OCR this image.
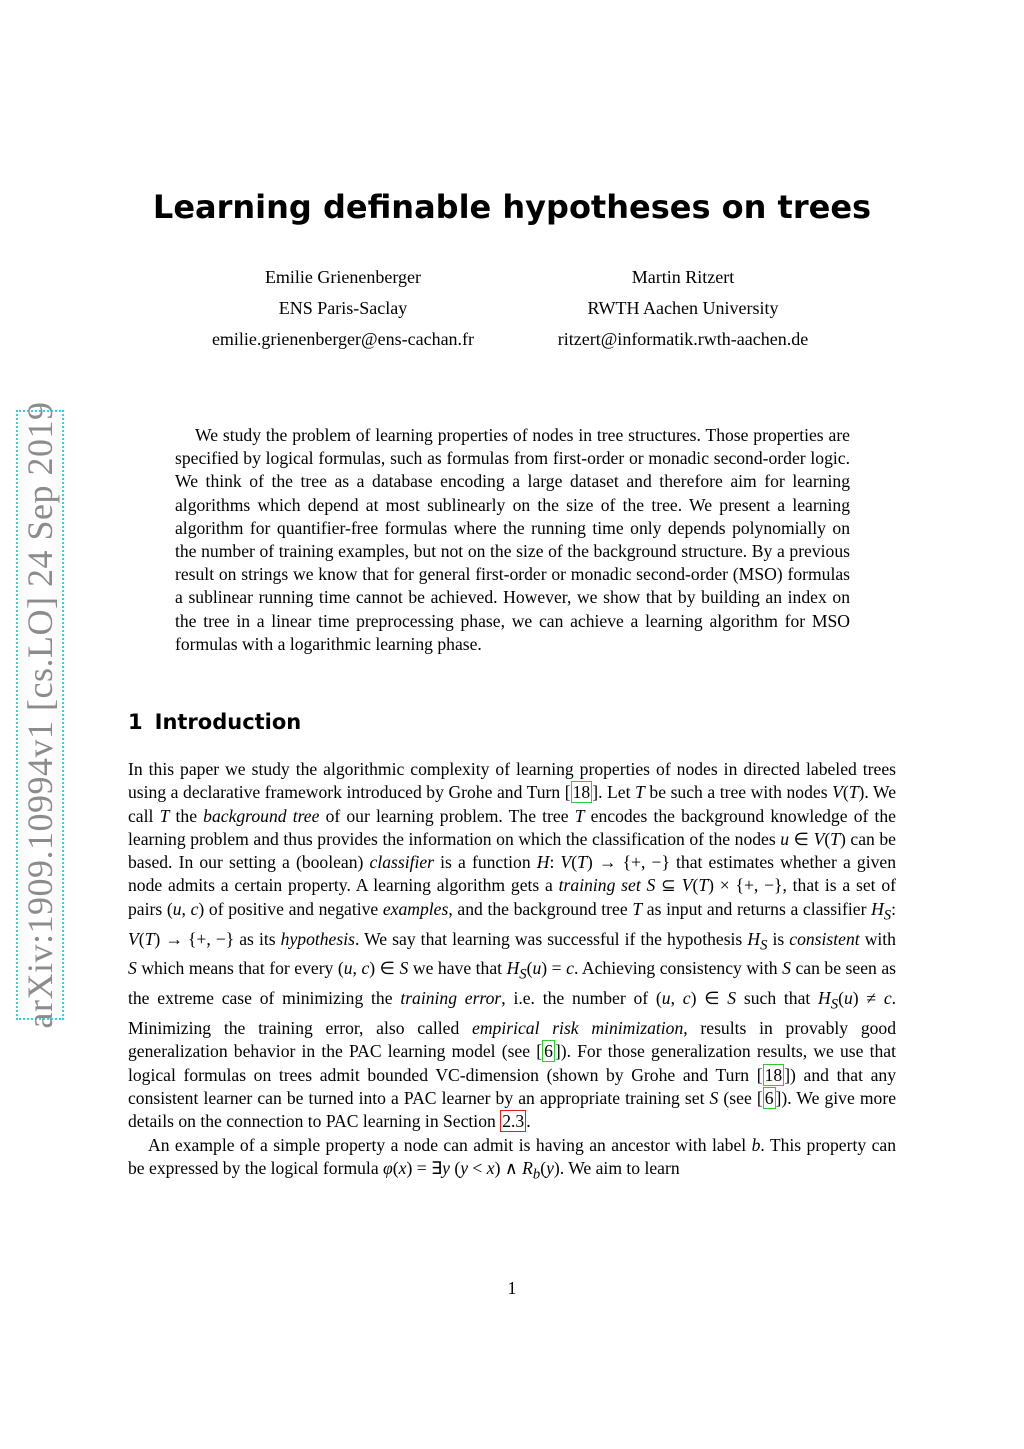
arXiv:1909.10994v1 [cs.LO] 24 Sep 2019
Learning definable hypotheses on trees
Emilie Grienenberger
ENS Paris-Saclay
emilie.grienenberger@ens-cachan.fr
Martin Ritzert
RWTH Aachen University
ritzert@informatik.rwth-aachen.de

We study the problem of learning properties of nodes in tree structures. Those properties are specified by logical formulas, such as formulas from first-order or monadic second-order logic. We think of the tree as a database encoding a large dataset and therefore aim for learning algorithms which depend at most sublinearly on the size of the tree. We present a learning algorithm for quantifier-free formulas where the running time only depends polynomially on the number of training examples, but not on the size of the background structure. By a previous result on strings we know that for general first-order or monadic second-order (MSO) formulas a sublinear running time cannot be achieved. However, we show that by building an index on the tree in a linear time preprocessing phase, we can achieve a learning algorithm for MSO formulas with a logarithmic learning phase.

1 Introduction

In this paper we study the algorithmic complexity of learning properties of nodes in directed labeled trees using a declarative framework introduced by Grohe and Turn [ 18 ]. Let T be such a tree with nodes V(T). We call T the background tree of our learning problem. The tree T encodes the background knowledge of the learning problem and thus provides the information on which the classification of the nodes u ∈ V(T) can be based. In our setting a (boolean) classifier is a function H: V(T) → {+, −} that estimates whether a given node admits a certain property. A learning algorithm gets a training set S ⊆ V(T) × {+, −}, that is a set of pairs (u, c) of positive and negative examples, and the background tree T as input and returns a classifier $H_S$: V(T) → {+, −} as its hypothesis. We say that learning was successful if the hypothesis $H_S$ is consistent with S which means that for every (u, c) ∈ S we have that $H_S(u) = c$. Achieving consistency with S can be seen as the extreme case of minimizing the training error, i.e. the number of (u, c) ∈ S such that $H_S(u) \ne c$. Minimizing the training error, also called empirical risk minimization, results in provably good generalization behavior in the PAC learning model (see [ 6 ]). For those generalization results, we use that logical formulas on trees admit bounded VC-dimension (shown by Grohe and Turn [ 18 ]) and that any consistent learner can be turned into a PAC learner by an appropriate training set S (see [ 6 ]). We give more details on the connection to PAC learning in Section 2.3 .

An example of a simple property a node can admit is having an ancestor with label b. This property can be expressed by the logical formula φ(x) = ∃y (y < x) ∧ $R_b(y)$. We aim to learn

1
